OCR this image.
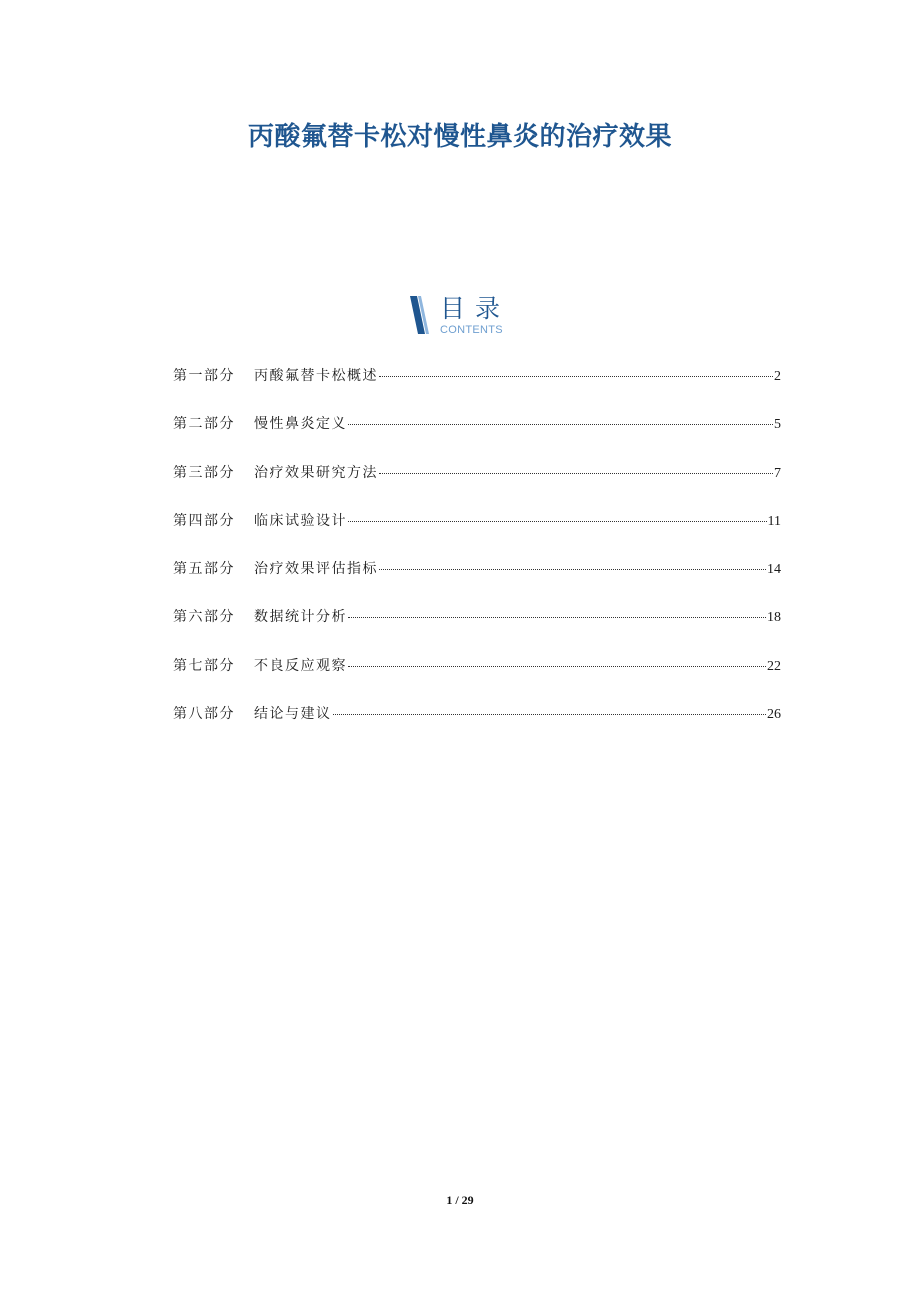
丙酸氟替卡松对慢性鼻炎的治疗效果
目录
CONTENTS
第一部分	丙酸氟替卡松概述	2
第二部分	慢性鼻炎定义	5
第三部分	治疗效果研究方法	7
第四部分	临床试验设计	11
第五部分	治疗效果评估指标	14
第六部分	数据统计分析	18
第七部分	不良反应观察	22
第八部分	结论与建议	26
1 / 29
